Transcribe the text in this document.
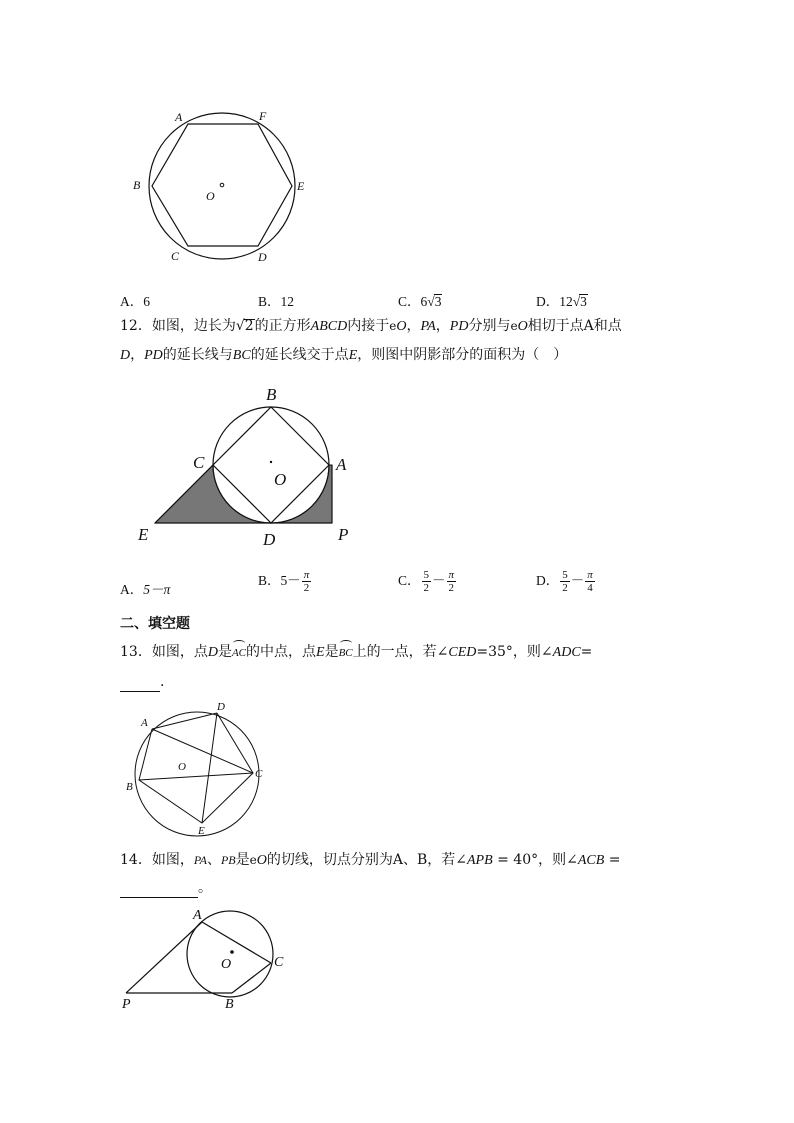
A	F
B	E
O
C	D
A．6	B．12	C．6√3	D．12√3
12．如图，边长为√2的正方形ABCD内接于eO，PA，PD分别与eO相切于点A和点
D，PD的延长线与BC的延长线交于点E，则图中阴影部分的面积为（　）
B
C
O
A
E	D	P
A．5－π
B．$5- \frac{\pi}{2}$	C． $\frac{5}{2} - \frac{\pi}{2}$	D． $\frac{5}{2} - \frac{\pi}{4}$
二、填空题
13．如图，点D是AC的中点，点E是BC上的一点，若∠CED=35°，则∠ADC=
.
A
D
O
C
B
E
14．如图，PA、PB是eO的切线，切点分别为A、B，若∠APB = 40°，则∠ACB =
。
A
O	C
P	B
